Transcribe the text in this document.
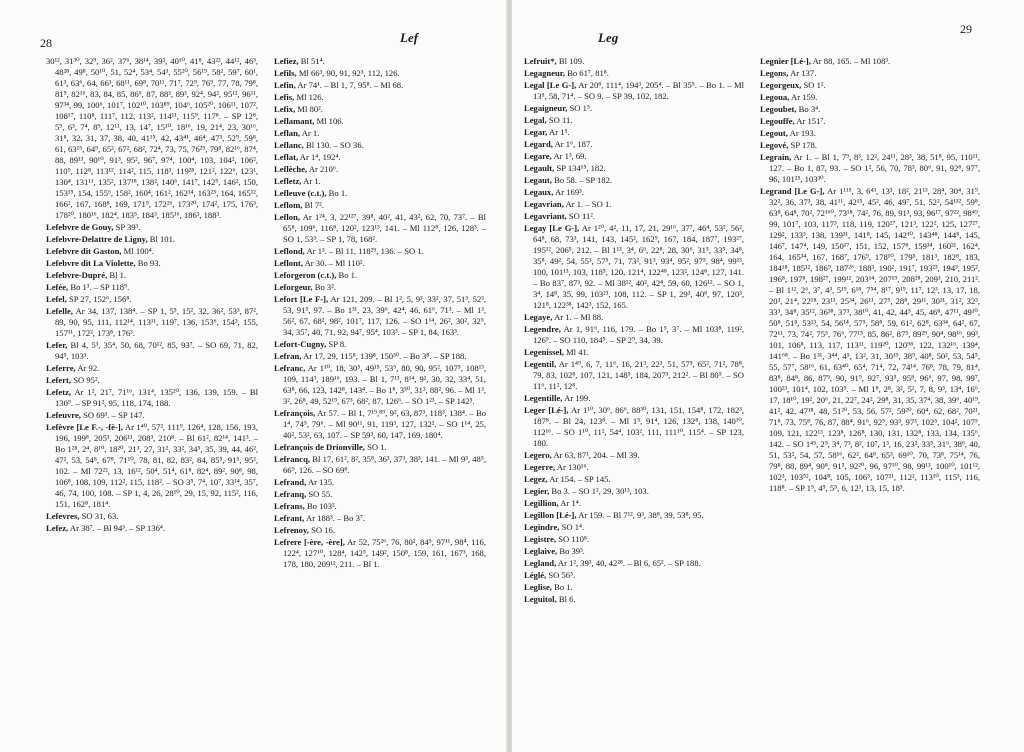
28	Lef
30¹², 31³⁰, 32⁹, 36², 37⁶, 38¹⁴, 39³, 40¹⁰, 41⁸, 43²², 44¹², 46³, 48²⁸, 49⁸, 50¹⁰, 51, 52⁴, 53⁴, 54³, 55²⁰, 56¹⁹, 58², 59⁷, 60¹, 61³, 63⁶, 64, 66³, 68¹¹, 69⁸, 70¹¹, 71⁷, 72⁹, 76⁹, 77, 78, 79⁸, 81⁵, 82¹⁶, 83, 84, 85, 86⁶, 87, 88³, 89³, 92⁴, 94², 95¹², 96¹¹, 97³⁴, 99, 100⁶, 101⁷, 102¹⁰, 103⁸⁹, 104⁶, 105²⁰, 106¹¹, 107², 108¹⁷, 110⁸, 111⁷, 112, 113², 114¹¹, 115⁹, 117⁸. – SP 12⁸, 5⁹, 6³, 7⁴, 8⁹, 12¹¹, 13, 14⁷, 15¹⁰, 18¹⁶, 19, 21⁴, 23, 30¹⁶, 31⁸, 32, 31, 37, 38, 40, 41¹⁵, 42, 43⁴¹, 46⁴, 47³, 52⁹, 59⁸, 61, 63¹⁵, 64⁹, 65², 67², 68², 72⁴, 73, 75, 76²⁹, 79⁸, 82¹⁶, 87⁴, 88, 89¹³, 90¹⁰, 91³, 95², 96⁷, 97⁴, 100⁴, 103, 104², 106², 110⁹, 112⁸, 113¹², 114², 115, 118³, 119²⁸, 121², 122⁶, 123¹, 130⁴, 131¹¹, 135², 137¹⁸, 138², 140⁶, 141⁷, 142⁵, 146², 150, 153¹⁵, 154, 155⁶, 158², 160⁴, 161², 162¹⁴, 163²⁵, 164, 165¹², 166², 167, 168⁸, 169, 171⁹, 172²⁶, 173²⁰, 174², 175, 176³, 178²⁰, 180¹⁶, 182⁴, 183⁵, 184³, 185¹⁶, 186³, 188³.
Lefebvre de Gouy, SP 39³.
Lefebvre-Delattre de Ligny, Bl 101.
Lefebvre dit Gaston, Ml 100⁴.
Lefebvre dit La Violette, Bo 93.
Lefebvre-Dupré, Bl 1.
Lefée, Bo 1³. – SP 118⁹.
Lefel, SP 27, 152⁶, 156⁸.
Lefelle, Ar 34, 137, 138⁴. – SP 1, 5⁵, 15², 32, 36², 53³, 87², 89, 90, 95, 111, 112¹⁴, 113¹¹, 119⁷, 136, 153⁶, 154³, 155, 157¹¹, 172², 173⁸, 176³.
Lefer, Bl 4, 5³, 35⁴, 50, 68, 70¹², 85, 93⁷. – SO 69, 71, 82, 94⁵, 103³.
Leferre, Ar 92.
Lefert, SO 95².
Lefetz, Ar 1², 21⁷, 71¹⁶, 131⁴, 135²⁰, 136, 139, 159. – Bl 130⁹. – SP 91², 95, 118, 174, 188.
Lefeuvre, SO 69³. – SP 147.
Lefèvre [Le F.-, -fè-], Ar 1⁴⁰, 57², 111⁹, 126⁴, 128, 156, 193, 196, 199⁸, 205³, 206¹¹, 208³, 210⁸. – Bl 61², 82¹⁴, 141³. – Bo 1²⁸, 2⁴, 8¹⁰, 18²⁰, 21³, 27, 31², 33², 34⁵, 35, 39, 44, 46², 47², 53, 54⁸, 67⁸, 71¹⁰, 78, 81, 82, 83², 84, 85⁵, 91⁵, 95², 102. – Ml 72²², 13, 16¹², 50⁴, 51⁴, 61⁸, 82⁴, 89², 90⁸, 98, 106⁸, 108, 109, 112², 115, 118². – SO 3⁵, 7⁴, 10⁷, 33¹⁴, 35⁷, 46, 74, 100, 108. – SP 1, 4, 26, 28¹⁰, 29, 15, 92, 115², 116, 151, 162⁸, 181⁴.
Lefevres, SO 31, 63.
Lefez, Ar 38⁷. – Bl 94³. – SP 136⁴.
Lefiez, Bl 51⁴.
Lefils, Ml 66³, 90, 91, 92³, 112, 126.
Lefin, Ar 74¹. – Bl 1, 7, 95⁸. – Ml 68.
Lefis, Ml 126.
Lefix, Ml 80².
Leflamant, Ml 106.
Leflan, Ar 1.
Leflanc, Bl 130. – SO 36.
Leflat, Ar 1⁴, 192⁴.
Leflèche, Ar 210⁶.
Lefletz, Ar 1.
Lefleuve (c.t.), Bo 1.
Leflom, Bl 7².
Leflon, Ar 1²⁴, 3, 22¹²⁷, 39⁸, 40², 41, 43², 62, 70, 73⁷. – Bl 65⁸, 109⁶, 116⁸, 120², 123¹³, 141. – Ml 112⁸, 126, 128³. – SO 1, 53³. – SP 1, 78, 168².
Leflond, Ar 1³. – Bl 11, 118²⁹, 136. – SO 1.
Leflont, Ar 30. – Ml 110².
Leforgeron (c.t.), Bo 1.
Leforgeur, Bo 3².
Lefort [Le F-], Ar 121, 209. – Bl 1², 5, 9³, 33², 37, 51³, 52³, 53, 91⁵, 97. – Bo 1³¹, 23, 39⁶, 42⁴, 46, 61⁶, 71³. – Ml 1³, 56², 67, 68², 98², 101⁷, 117, 126. – SO 1¹⁴, 26², 30², 32⁵, 34, 35⁷, 40, 71, 92, 94⁷, 95⁴, 103³. – SP 1, 84, 163³.
Lefort-Cugny, SP 8.
Lefran, Ar 17, 29, 115⁸, 139⁸, 150³⁰. – Bo 3⁸. – SP 188.
Lefranc, Ar 1¹⁰, 18, 30⁵, 49¹⁵, 53⁵, 80, 90, 95², 107⁵, 108¹³, 109, 114³, 189¹⁶, 193. – Bl 1, 7¹³, 8¹⁴, 9², 30, 32, 33⁴, 51, 63⁸, 66, 123, 142⁸, 143⁴. – Bo 1⁸, 3³⁰, 31³, 88², 96. – Ml 1³, 3², 26⁸, 49, 52¹⁹, 67³, 68², 87, 126⁶. – SO 1²³. – SP 142⁵.
Lefrançois, Ar 57. – Bl 1, 7¹⁹,⁸⁹, 9², 63, 87³, 118³, 138⁴. – Bo 1⁴, 74⁵, 79⁶. – Ml 90¹¹, 91, 119³, 127, 132². – SO 1¹⁴, 25, 40², 53², 63, 107. – SP 59³, 60, 147, 169, 180⁴.
Lefrançois de Drionville, SO 1.
Lefrancq, Bl 17, 61², 8², 35⁸, 36³, 37³, 38³, 141. – Ml 9³, 48⁵, 66⁹, 126. – SO 69⁸.
Lefrand, Ar 135.
Lefranq, SO 55.
Lefrans, Bo 103².
Lefrant, Ar 188³. – Bo 3⁷.
Lefrenoy, SO 16.
Lefrere [-ère, -ère], Ar 52, 75²⁶, 76, 80², 84⁵, 97¹¹, 98⁴, 116, 122⁴, 127¹⁰, 128⁴, 142⁵, 149², 150⁸, 159, 161, 167³, 168, 178, 180, 209¹², 211. – Bl 1.
29
Leg
Lefruit*, Bl 109.
Legagneur, Bo 61⁷, 81⁸.
Legal [Le G-], Ar 20⁸, 111⁴, 194³, 205⁴. – Bl 35⁵. – Bo 1. – Ml 13⁵, 58, 71⁴. – SO 9. – SP 39, 102, 182.
Legaigneur, SO 1⁵.
Legal, SO 11.
Legar, Ar 1⁵.
Legard, Ar 1⁶, 187.
Legare, Ar 1³, 69.
Legault, SP 134¹⁵, 182.
Legaut, Bo 58. – SP 182.
Legaux, Ar 169³.
Legavrian, Ar 1. – SO 1.
Legavriant, SO 11².
Legay [Le G-], Ar 1²⁰, 4², 11, 17, 21, 29¹⁶, 37⁷, 46⁴, 53², 56², 64⁸, 68, 73³, 141, 143, 145², 162⁹, 167, 184, 187⁷, 193²⁷, 195¹², 206⁵, 212. – Bl 1¹³, 3⁴, 6⁶, 22⁸, 28, 30⁶, 31⁵, 33⁵, 34⁸, 35⁸, 49², 54, 55³, 57⁵, 71, 73², 91³, 93⁴, 95², 97⁵, 98⁴, 99¹³, 100, 101¹³, 103, 118⁵, 120, 121⁴, 122⁴⁸, 123², 124⁸, 127, 141. – Bo 83⁷, 87³, 92. – Ml 38¹², 40², 42⁴, 59, 60, 126¹². – SO 1, 3⁴, 14⁸, 35, 99, 103²³, 108, 112. – SP 1, 29³, 40⁸, 97, 120³, 121⁸, 122³⁸, 142³, 152, 165.
Legaye, Ar 1. – Ml 88.
Legendre, Ar 1, 91⁶, 116, 179. – Bo 1⁵, 3⁷. – Ml 103⁸, 119², 126⁵. – SO 110, 184⁵. – SP 2⁹, 34, 39.
Legenissel, Ml 41.
Legentil, Ar 1⁴⁹, 6, 7, 11⁶, 16, 21³, 22³, 51, 57⁵, 65², 71², 78⁸, 79, 83, 102⁸, 107, 121, 148⁵, 184, 207³, 212². – Bl 80⁵. – SO 11⁶, 11², 12⁸.
Legentille, Ar 199.
Leger [Lé-], Ar 1¹⁰, 30⁶, 86⁶, 88³⁰, 131, 151, 154⁸, 172, 182³, 187⁸. – Bl 24, 123⁸. – Ml 1⁵, 91⁴, 126, 132⁸, 138, 140¹⁰, 112¹⁶. – SO 1¹⁰, 11², 54⁴, 103², 111, 111¹⁰, 115⁴. – SP 123, 180.
Legero, Ar 63, 87¹, 204. – Ml 39.
Legerre, Ar 130¹⁶.
Legez, Ar 154. – SP 145.
Legier, Bo 3. – SO 1², 29, 30¹³, 103.
Legillion, Ar 1⁴.
Legillon [Lé-], Ar 159. – Bl 7¹², 9³, 38⁸, 39, 53⁸, 95.
Legindre, SO 1⁴.
Legistre, SO 110⁸.
Leglaive, Bo 39³.
Legland, Ar 1², 39³, 40, 42²⁸. – Bl 6, 65². – SP 188.
Léglé, SO 56⁵.
Leglise, Bo 1.
Leguitol, Bl 6.
Legnier [Lé-], Ar 88, 165. – Ml 108³.
Legons, Ar 137.
Legorgeux, SO 1².
Legoua, Ar 159.
Legoubet, Bo 3⁴.
Legouffe, Ar 151⁷.
Legout, Ar 193.
Legové, SP 178.
Legrain, Ar 1. – Bl 1, 7⁹, 8³, 12², 24¹¹, 28³, 38, 51⁸, 95, 110¹¹, 127. – Bo 1, 87, 93. – SO 1², 56, 70, 78³, 80⁶, 91, 92⁸, 97⁷, 96, 101²⁵, 103³⁰.
Legrand [Le G-], Ar 1¹¹⁵, 3, 6⁴³, 13³, 18², 21¹³, 28⁴, 30⁴, 31⁹, 32², 36, 37³, 38, 41¹¹, 42¹⁵, 45², 46, 49⁷, 51, 52², 54¹³², 59⁸, 63⁸, 64⁸, 70², 72¹⁶⁰, 73¹⁸, 74², 76, 89, 91³, 93, 96¹⁷, 97²², 98⁴⁹, 99, 101⁷, 103, 117³, 118, 119, 120²⁷, 121³, 122², 125, 127²⁷, 129², 133³, 138, 139³¹, 141⁸, 145, 142¹⁰, 143⁴⁸, 144⁸, 145, 146⁷, 147⁴, 149, 150¹⁷, 151, 152, 157⁸, 159³⁴, 160²¹, 162⁴, 164, 165³⁴, 167, 168⁷, 176⁹, 178¹⁰, 179⁵, 181³, 182⁸, 183, 184¹⁸, 185¹², 186⁹, 187²⁶, 188³, 190², 191⁷, 193²³, 194³, 195², 196⁸, 197⁸, 198²⁷, 199¹², 203¹⁴, 207¹⁹, 208²⁸, 209³, 210, 211². – Bl 1¹², 2⁶, 3⁷, 4³, 5¹⁹, 6¹⁸, 7⁵⁴, 8¹⁷, 9¹⁹, 11⁷, 12³, 13, 17, 18, 20³, 21⁴, 22¹⁸, 23¹³, 25³⁴, 26¹¹, 27⁵, 28⁸, 29¹¹, 30³¹, 31², 32³, 33³, 34⁸, 35¹², 36³⁸, 37³, 38¹⁰, 41, 42, 44⁵, 45, 46⁸, 47¹¹, 49¹⁰, 50⁸, 51⁸, 53¹³, 54, 56¹⁴, 57⁵, 58⁸, 59, 61², 62⁸, 63³⁴, 64², 67, 72¹¹, 73, 74², 75⁵, 76⁶, 77¹⁵, 85, 86², 87⁵, 89²⁹, 90⁴, 98¹⁶, 99³, 101, 106⁸, 113, 117, 113¹¹, 119²⁰, 120⁹⁸, 122, 132¹⁶, 139⁴, 141⁶⁸. – Bo 1³¹, 3⁴⁴, 4⁵, 13², 31, 30¹⁹, 38⁹, 40⁸, 50², 53, 54⁵, 55, 57⁷, 58¹⁶, 61, 63⁴⁰, 65⁴, 71⁴, 72, 74¹⁴, 76⁸, 78, 79, 81⁴, 83⁸, 84⁸, 86, 87⁹, 90, 91⁹, 92⁷, 93⁵, 95⁸, 96⁶, 97, 98, 99⁷, 100²³, 101⁴, 102, 103⁹. – Ml 1⁸, 2⁸, 3², 5², 7, 8, 9³, 13⁴, 16⁶, 17, 18¹⁰, 19², 20⁶, 21, 22⁷, 24², 29⁸, 31, 35, 37⁴, 38, 39⁶, 40¹⁹, 41², 42, 47¹⁸, 48, 51²⁰, 53, 56, 57², 59²⁰, 60⁴, 62, 68², 70²¹, 71⁸, 73, 75⁸, 76, 87, 88⁴, 91⁶, 92⁵, 93³, 97³, 102⁵, 104², 107⁵, 109, 121, 122¹³, 123⁸, 126⁸, 130, 131, 132⁸, 133, 134, 135⁶, 142. – SO 1⁴⁵, 2⁹, 3⁴, 7³, 8², 10⁷, 1³, 16, 23², 33⁵, 31⁶, 38⁶, 40, 51, 53², 54, 57, 58¹⁶, 62², 64⁸, 65³, 69¹⁰, 70, 73⁸, 75¹⁴, 76, 79⁸, 88, 89⁴, 90⁸, 91⁵, 92²⁰, 96, 97¹⁰, 98, 99¹³, 100¹⁰, 101¹², 102³, 103⁵², 104⁸, 105, 106⁵, 107²¹, 112², 113¹⁰, 115³, 116, 118⁸. – SP 1⁵, 4⁵, 5⁵, 6, 12³, 13, 15, 18³.
